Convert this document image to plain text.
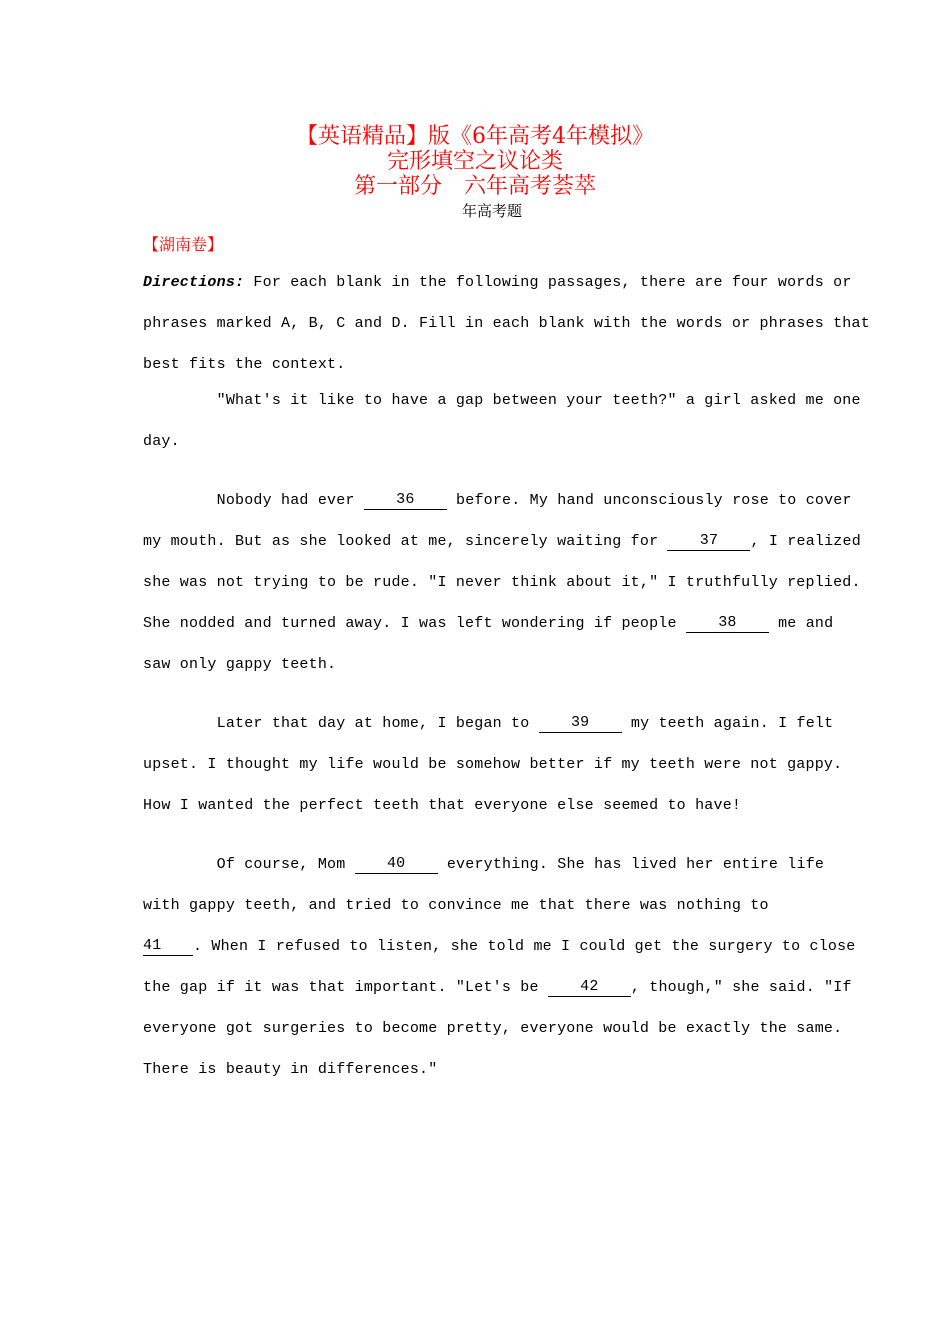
【英语精品】版《6年高考4年模拟》
完形填空之议论类
第一部分　六年高考荟萃
年高考题
【湖南卷】

Directions: For each blank in the following passages, there are four words or

phrases marked A, B, C and D. Fill in each blank with the words or phrases that

best fits the context.

"What's it like to have a gap between your teeth?" a girl asked me one

day.

Nobody had ever 36 before. My hand unconsciously rose to cover

my mouth. But as she looked at me, sincerely waiting for 37 , I realized

she was not trying to be rude. "I never think about it," I truthfully replied.

She nodded and turned away. I was left wondering if people 38 me and

saw only gappy teeth.

Later that day at home, I began to 39 my teeth again. I felt

upset. I thought my life would be somehow better if my teeth were not gappy.

How I wanted the perfect teeth that everyone else seemed to have!

Of course, Mom 40 everything. She has lived her entire life

with gappy teeth, and tried to convince me that there was nothing to

41 . When I refused to listen, she told me I could get the surgery to close

the gap if it was that important. "Let's be 42 , though," she said. "If

everyone got surgeries to become pretty, everyone would be exactly the same.

There is beauty in differences."
